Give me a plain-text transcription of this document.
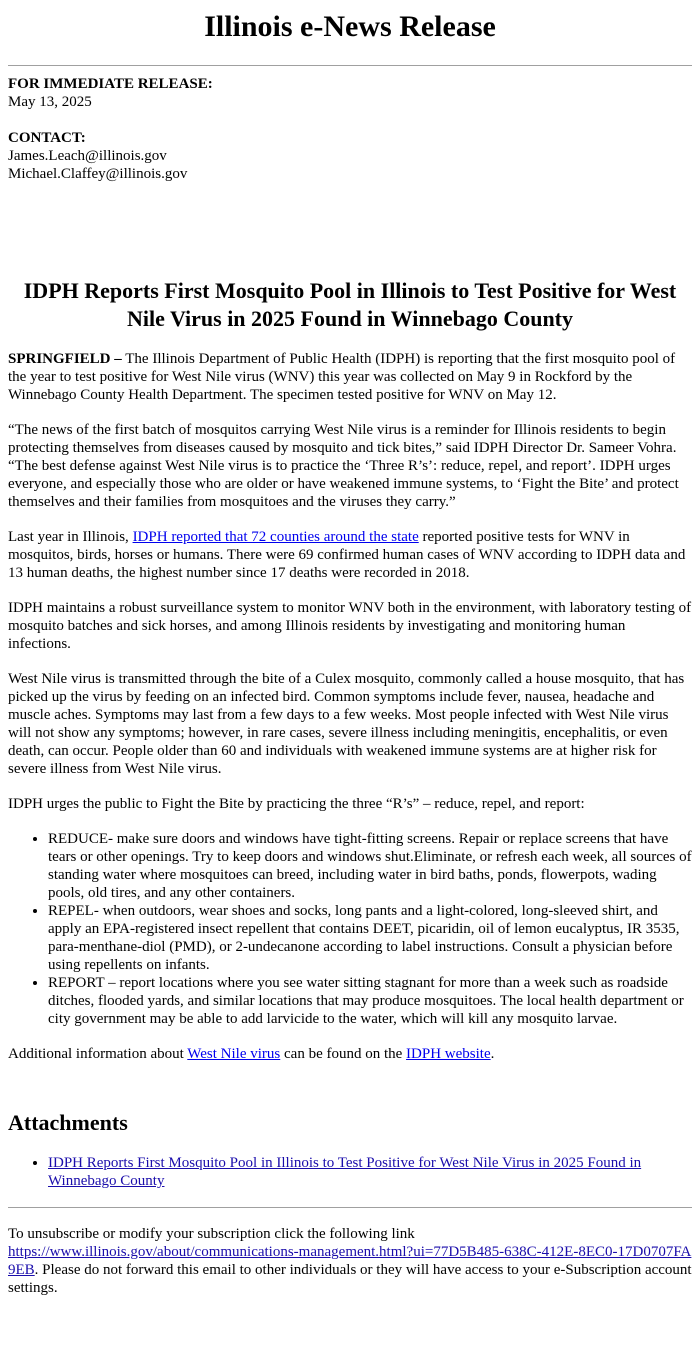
Illinois e-News Release

FOR IMMEDIATE RELEASE:

May 13, 2025

CONTACT:

James.Leach@illinois.gov

Michael.Claffey@illinois.gov

IDPH Reports First Mosquito Pool in Illinois to Test Positive for West Nile Virus in 2025 Found in Winnebago County

SPRINGFIELD – The Illinois Department of Public Health (IDPH) is reporting that the first mosquito pool of the year to test positive for West Nile virus (WNV) this year was collected on May 9 in Rockford by the Winnebago County Health Department. The specimen tested positive for WNV on May 12.

“The news of the first batch of mosquitos carrying West Nile virus is a reminder for Illinois residents to begin protecting themselves from diseases caused by mosquito and tick bites,” said IDPH Director Dr. Sameer Vohra. “The best defense against West Nile virus is to practice the ‘Three R’s’: reduce, repel, and report’. IDPH urges everyone, and especially those who are older or have weakened immune systems, to ‘Fight the Bite’ and protect themselves and their families from mosquitoes and the viruses they carry.”

Last year in Illinois, IDPH reported that 72 counties around the state reported positive tests for WNV in mosquitos, birds, horses or humans. There were 69 confirmed human cases of WNV according to IDPH data and 13 human deaths, the highest number since 17 deaths were recorded in 2018.

IDPH maintains a robust surveillance system to monitor WNV both in the environment, with laboratory testing of mosquito batches and sick horses, and among Illinois residents by investigating and monitoring human infections.

West Nile virus is transmitted through the bite of a Culex mosquito, commonly called a house mosquito, that has picked up the virus by feeding on an infected bird. Common symptoms include fever, nausea, headache and muscle aches. Symptoms may last from a few days to a few weeks. Most people infected with West Nile virus will not show any symptoms; however, in rare cases, severe illness including meningitis, encephalitis, or even death, can occur. People older than 60 and individuals with weakened immune systems are at higher risk for severe illness from West Nile virus.

IDPH urges the public to Fight the Bite by practicing the three “R’s” – reduce, repel, and report:

• REDUCE- make sure doors and windows have tight-fitting screens. Repair or replace screens that have tears or other openings. Try to keep doors and windows shut.Eliminate, or refresh each week, all sources of standing water where mosquitoes can breed, including water in bird baths, ponds, flowerpots, wading pools, old tires, and any other containers.
• REPEL- when outdoors, wear shoes and socks, long pants and a light-colored, long-sleeved shirt, and apply an EPA-registered insect repellent that contains DEET, picaridin, oil of lemon eucalyptus, IR 3535, para-menthane-diol (PMD), or 2-undecanone according to label instructions. Consult a physician before using repellents on infants.
• REPORT – report locations where you see water sitting stagnant for more than a week such as roadside ditches, flooded yards, and similar locations that may produce mosquitoes. The local health department or city government may be able to add larvicide to the water, which will kill any mosquito larvae.

Additional information about West Nile virus can be found on the IDPH website.

Attachments
• IDPH Reports First Mosquito Pool in Illinois to Test Positive for West Nile Virus in 2025 Found in Winnebago County

To unsubscribe or modify your subscription click the following link
https://www.illinois.gov/about/communications-management.html?ui=77D5B485-638C-412E-8EC0-17D0707FA9EB. Please do not forward this email to other individuals or they will have access to your e-Subscription account settings.
